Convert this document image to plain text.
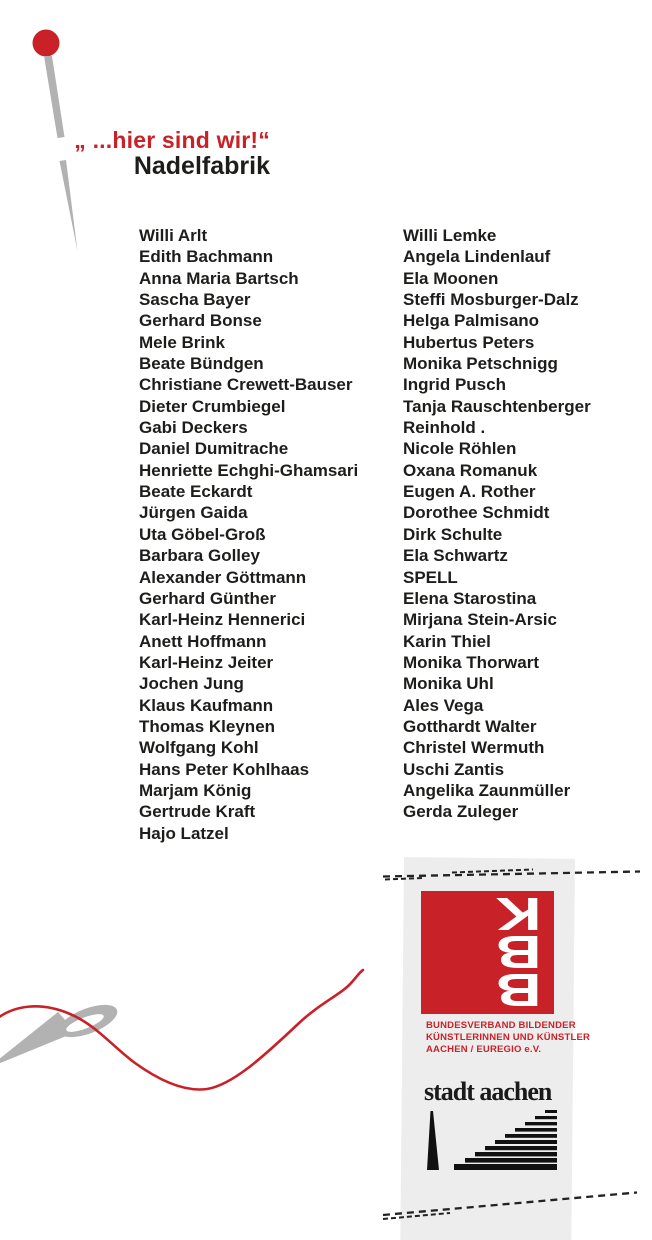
„ ...hier sind wir!“
Nadelfabrik
Willi Arlt
Edith Bachmann
Anna Maria Bartsch
Sascha Bayer
Gerhard Bonse
Mele Brink
Beate Bündgen
Christiane Crewett-Bauser
Dieter Crumbiegel
Gabi Deckers
Daniel Dumitrache
Henriette Echghi-Ghamsari
Beate Eckardt
Jürgen Gaida
Uta Göbel-Groß
Barbara Golley
Alexander Göttmann
Gerhard Günther
Karl-Heinz Hennerici
Anett Hoffmann
Karl-Heinz Jeiter
Jochen Jung
Klaus Kaufmann
Thomas Kleynen
Wolfgang Kohl
Hans Peter Kohlhaas
Marjam König
Gertrude Kraft
Hajo Latzel
Willi Lemke
Angela Lindenlauf
Ela Moonen
Steffi Mosburger-Dalz
Helga Palmisano
Hubertus Peters
Monika Petschnigg
Ingrid Pusch
Tanja Rauschtenberger
Reinhold .
Nicole Röhlen
Oxana Romanuk
Eugen A. Rother
Dorothee Schmidt
Dirk Schulte
Ela Schwartz
SPELL
Elena Starostina
Mirjana Stein-Arsic
Karin Thiel
Monika Thorwart
Monika Uhl
Ales Vega
Gotthardt Walter
Christel Wermuth
Uschi Zantis
Angelika Zaunmüller
Gerda Zuleger
B
B
K
BUNDESVERBAND BILDENDER
KÜNSTLERINNEN UND KÜNSTLER
AACHEN / EUREGIO e.V.
stadt aachen
